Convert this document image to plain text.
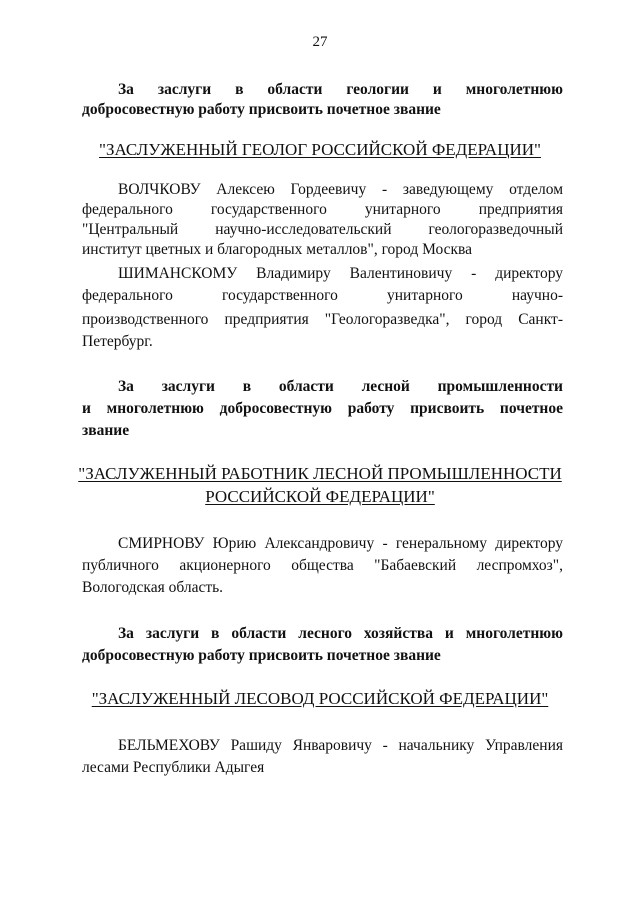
27
За заслуги в области геологии и многолетнюю
добросовестную работу присвоить почетное звание
"ЗАСЛУЖЕННЫЙ ГЕОЛОГ РОССИЙСКОЙ ФЕДЕРАЦИИ"
ВОЛЧКОВУ Алексею Гордеевичу - заведующему отделом
федерального государственного унитарного предприятия
"Центральный научно-исследовательский геологоразведочный
институт цветных и благородных металлов", город Москва
ШИМАНСКОМУ Владимиру Валентиновичу - директору
федерального государственного унитарного научно-
производственного предприятия "Геологоразведка", город Санкт-
Петербург.
За заслуги в области лесной промышленности
и многолетнюю добросовестную работу присвоить почетное
звание
"ЗАСЛУЖЕННЫЙ РАБОТНИК ЛЕСНОЙ ПРОМЫШЛЕННОСТИ
РОССИЙСКОЙ ФЕДЕРАЦИИ"
СМИРНОВУ Юрию Александровичу - генеральному директору
публичного акционерного общества "Бабаевский леспромхоз",
Вологодская область.
За заслуги в области лесного хозяйства и многолетнюю
добросовестную работу присвоить почетное звание
"ЗАСЛУЖЕННЫЙ ЛЕСОВОД РОССИЙСКОЙ ФЕДЕРАЦИИ"
БЕЛЬМЕХОВУ Рашиду Январовичу - начальнику Управления
лесами Республики Адыгея
